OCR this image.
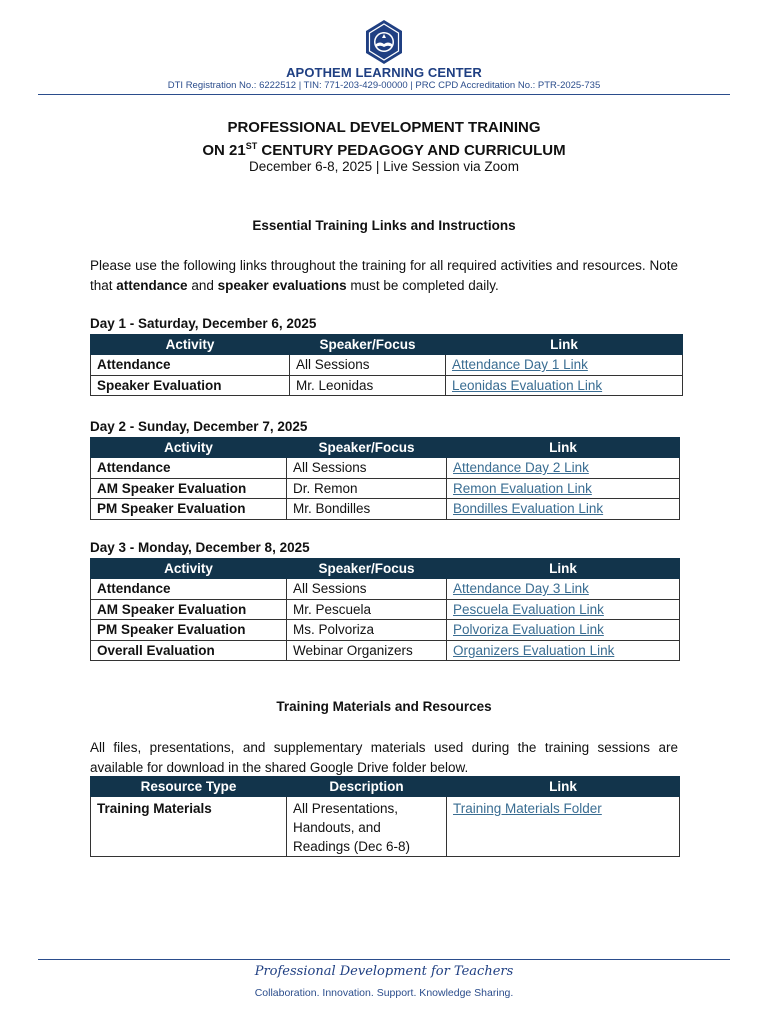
APOTHEM LEARNING CENTER
DTI Registration No.: 6222512 | TIN: 771-203-429-00000 | PRC CPD Accreditation No.: PTR-2025-735
PROFESSIONAL DEVELOPMENT TRAINING
ON 21ST CENTURY PEDAGOGY AND CURRICULUM
December 6-8, 2025 | Live Session via Zoom
Essential Training Links and Instructions
Please use the following links throughout the training for all required activities and resources. Note that attendance and speaker evaluations must be completed daily.
Day 1 - Saturday, December 6, 2025
Activity	Speaker/Focus	Link
Attendance	All Sessions	Attendance Day 1 Link
Speaker Evaluation	Mr. Leonidas	Leonidas Evaluation Link
Day 2 - Sunday, December 7, 2025
Activity	Speaker/Focus	Link
Attendance	All Sessions	Attendance Day 2 Link
AM Speaker Evaluation	Dr. Remon	Remon Evaluation Link
PM Speaker Evaluation	Mr. Bondilles	Bondilles Evaluation Link
Day 3 - Monday, December 8, 2025
Activity	Speaker/Focus	Link
Attendance	All Sessions	Attendance Day 3 Link
AM Speaker Evaluation	Mr. Pescuela	Pescuela Evaluation Link
PM Speaker Evaluation	Ms. Polvoriza	Polvoriza Evaluation Link
Overall Evaluation	Webinar Organizers	Organizers Evaluation Link
Training Materials and Resources
All files, presentations, and supplementary materials used during the training sessions are available for download in the shared Google Drive folder below.
Resource Type	Description	Link
Training Materials	All Presentations,
Handouts, and
Readings (Dec 6-8)	Training Materials Folder
Professional Development for Teachers
Collaboration. Innovation. Support. Knowledge Sharing.
